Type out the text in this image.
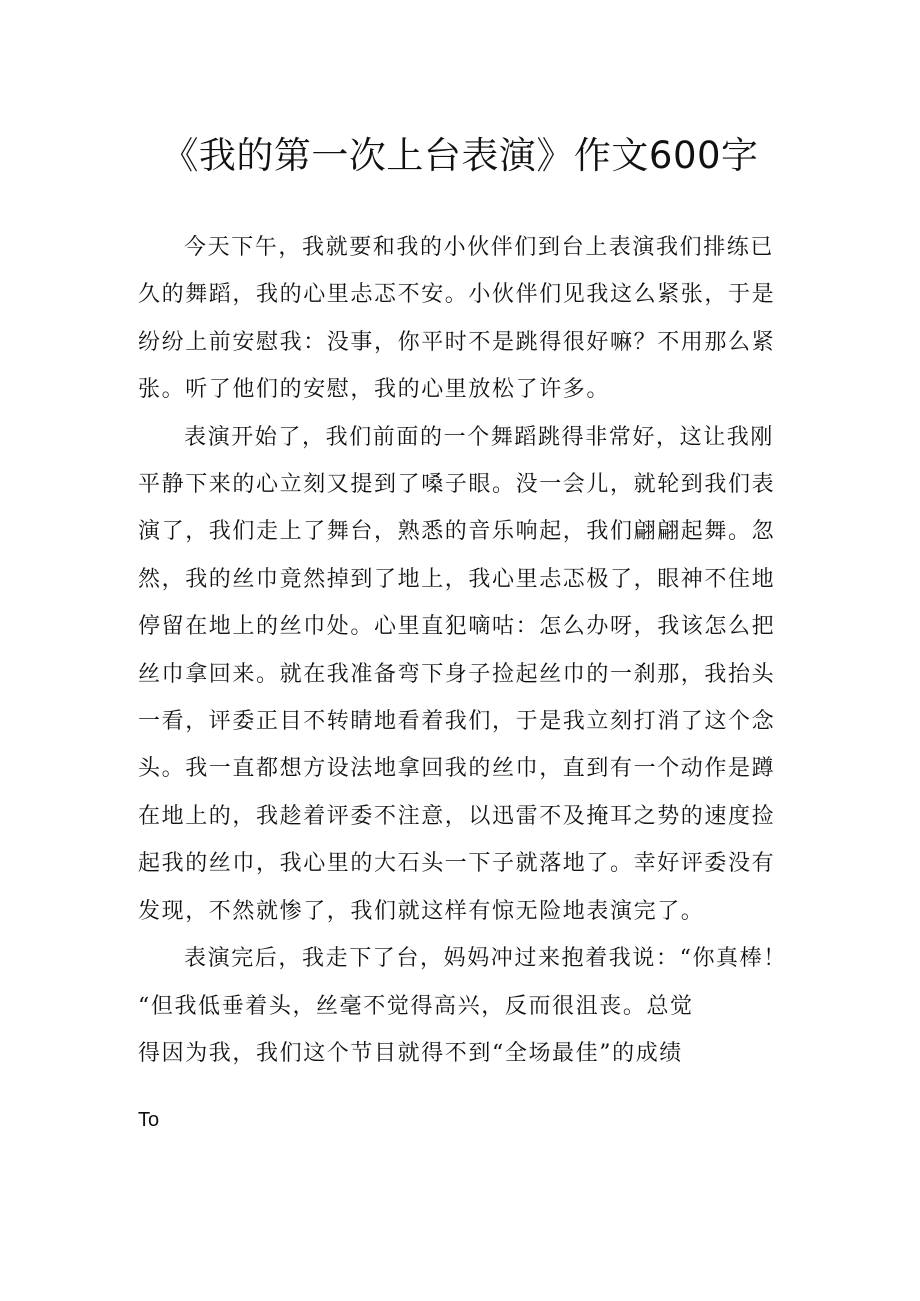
《我的第一次上台表演》作文600字
今天下午，我就要和我的小伙伴们到台上表演我们排练已
久的舞蹈，我的心里忐忑不安。小伙伴们见我这么紧张，于是
纷纷上前安慰我：没事，你平时不是跳得很好嘛？不用那么紧
张。听了他们的安慰，我的心里放松了许多。
表演开始了，我们前面的一个舞蹈跳得非常好，这让我刚
平静下来的心立刻又提到了嗓子眼。没一会儿，就轮到我们表
演了，我们走上了舞台，熟悉的音乐响起，我们翩翩起舞。忽
然，我的丝巾竟然掉到了地上，我心里忐忑极了，眼神不住地
停留在地上的丝巾处。心里直犯嘀咕：怎么办呀，我该怎么把
丝巾拿回来。就在我准备弯下身子捡起丝巾的一刹那，我抬头
一看，评委正目不转睛地看着我们，于是我立刻打消了这个念
头。我一直都想方设法地拿回我的丝巾，直到有一个动作是蹲
在地上的，我趁着评委不注意，以迅雷不及掩耳之势的速度捡
起我的丝巾，我心里的大石头一下子就落地了。幸好评委没有
发现，不然就惨了，我们就这样有惊无险地表演完了。
表演完后，我走下了台，妈妈冲过来抱着我说：“你真棒！
“但我低垂着头，丝毫不觉得高兴，反而很沮丧。总觉
得因为我，我们这个节目就得不到“全场最佳”的成绩
To
